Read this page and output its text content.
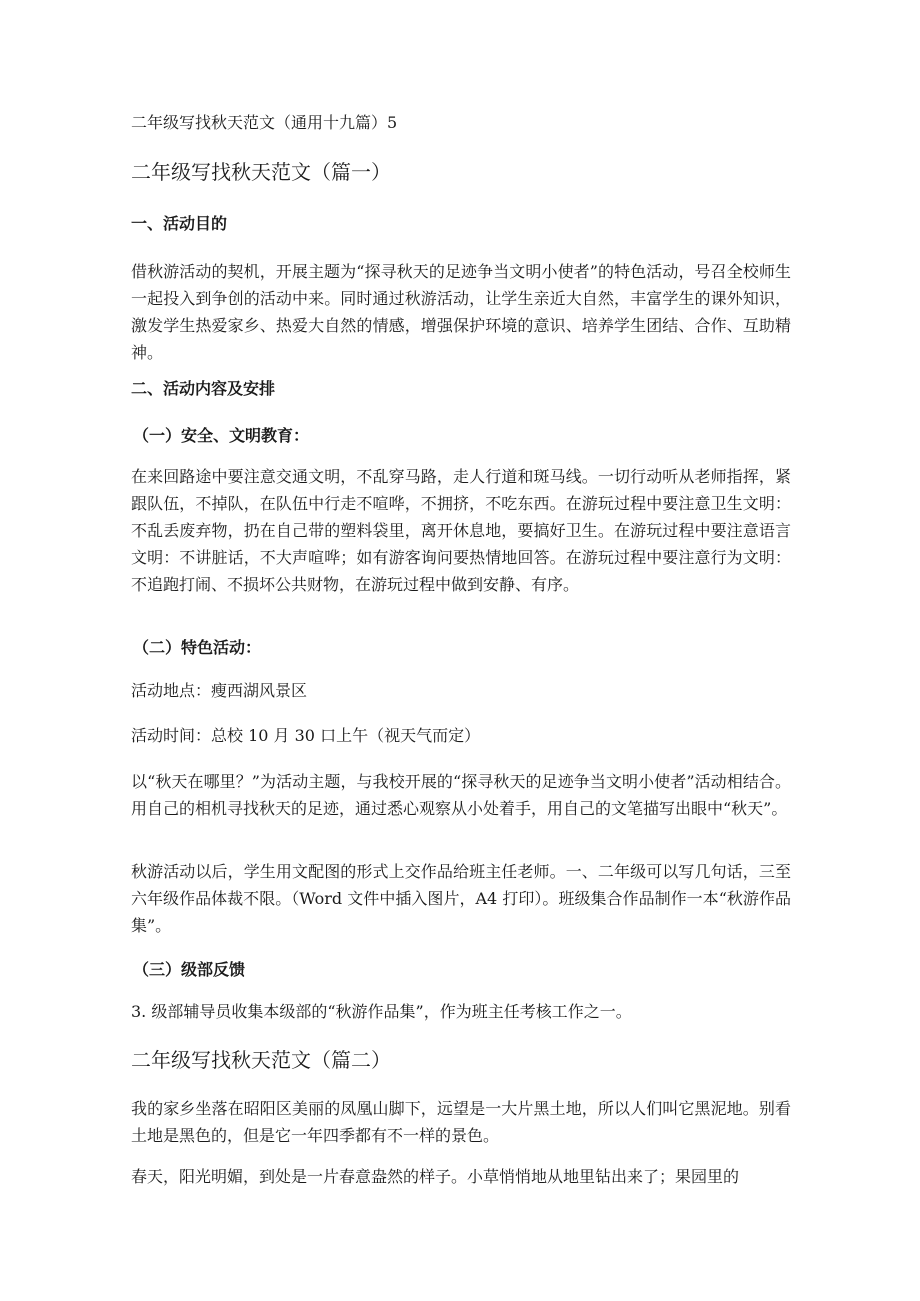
二年级写找秋天范文（通用十九篇）5

二年级写找秋天范文（篇一）

一、活动目的

借秋游活动的契机，开展主题为“探寻秋天的足迹争当文明小使者”的特色活动，号召全校师生一起投入到争创的活动中来。同时通过秋游活动，让学生亲近大自然，丰富学生的课外知识，激发学生热爱家乡、热爱大自然的情感，增强保护环境的意识、培养学生团结、合作、互助精神。

二、活动内容及安排

（一）安全、文明教育：

在来回路途中要注意交通文明，不乱穿马路，走人行道和斑马线。一切行动听从老师指挥，紧跟队伍，不掉队，在队伍中行走不喧哗，不拥挤，不吃东西。在游玩过程中要注意卫生文明：不乱丢废弃物，扔在自己带的塑料袋里，离开休息地，要搞好卫生。在游玩过程中要注意语言文明：不讲脏话，不大声喧哗；如有游客询问要热情地回答。在游玩过程中要注意行为文明：不追跑打闹、不损坏公共财物，在游玩过程中做到安静、有序。

（二）特色活动：

活动地点：瘦西湖风景区

活动时间：总校 10 月 30 口上午（视天气而定）

以“秋天在哪里？”为活动主题，与我校开展的“探寻秋天的足迹争当文明小使者”活动相结合。用自己的相机寻找秋天的足迹，通过悉心观察从小处着手，用自己的文笔描写出眼中“秋天”。

秋游活动以后，学生用文配图的形式上交作品给班主任老师。一、二年级可以写几句话，三至六年级作品体裁不限。（Word 文件中插入图片，A4 打印）。班级集合作品制作一本“秋游作品集”。

（三）级部反馈

3. 级部辅导员收集本级部的“秋游作品集”，作为班主任考核工作之一。

二年级写找秋天范文（篇二）

我的家乡坐落在昭阳区美丽的凤凰山脚下，远望是一大片黑土地，所以人们叫它黑泥地。别看土地是黑色的，但是它一年四季都有不一样的景色。

春天，阳光明媚，到处是一片春意盎然的样子。小草悄悄地从地里钻出来了；果园里的
